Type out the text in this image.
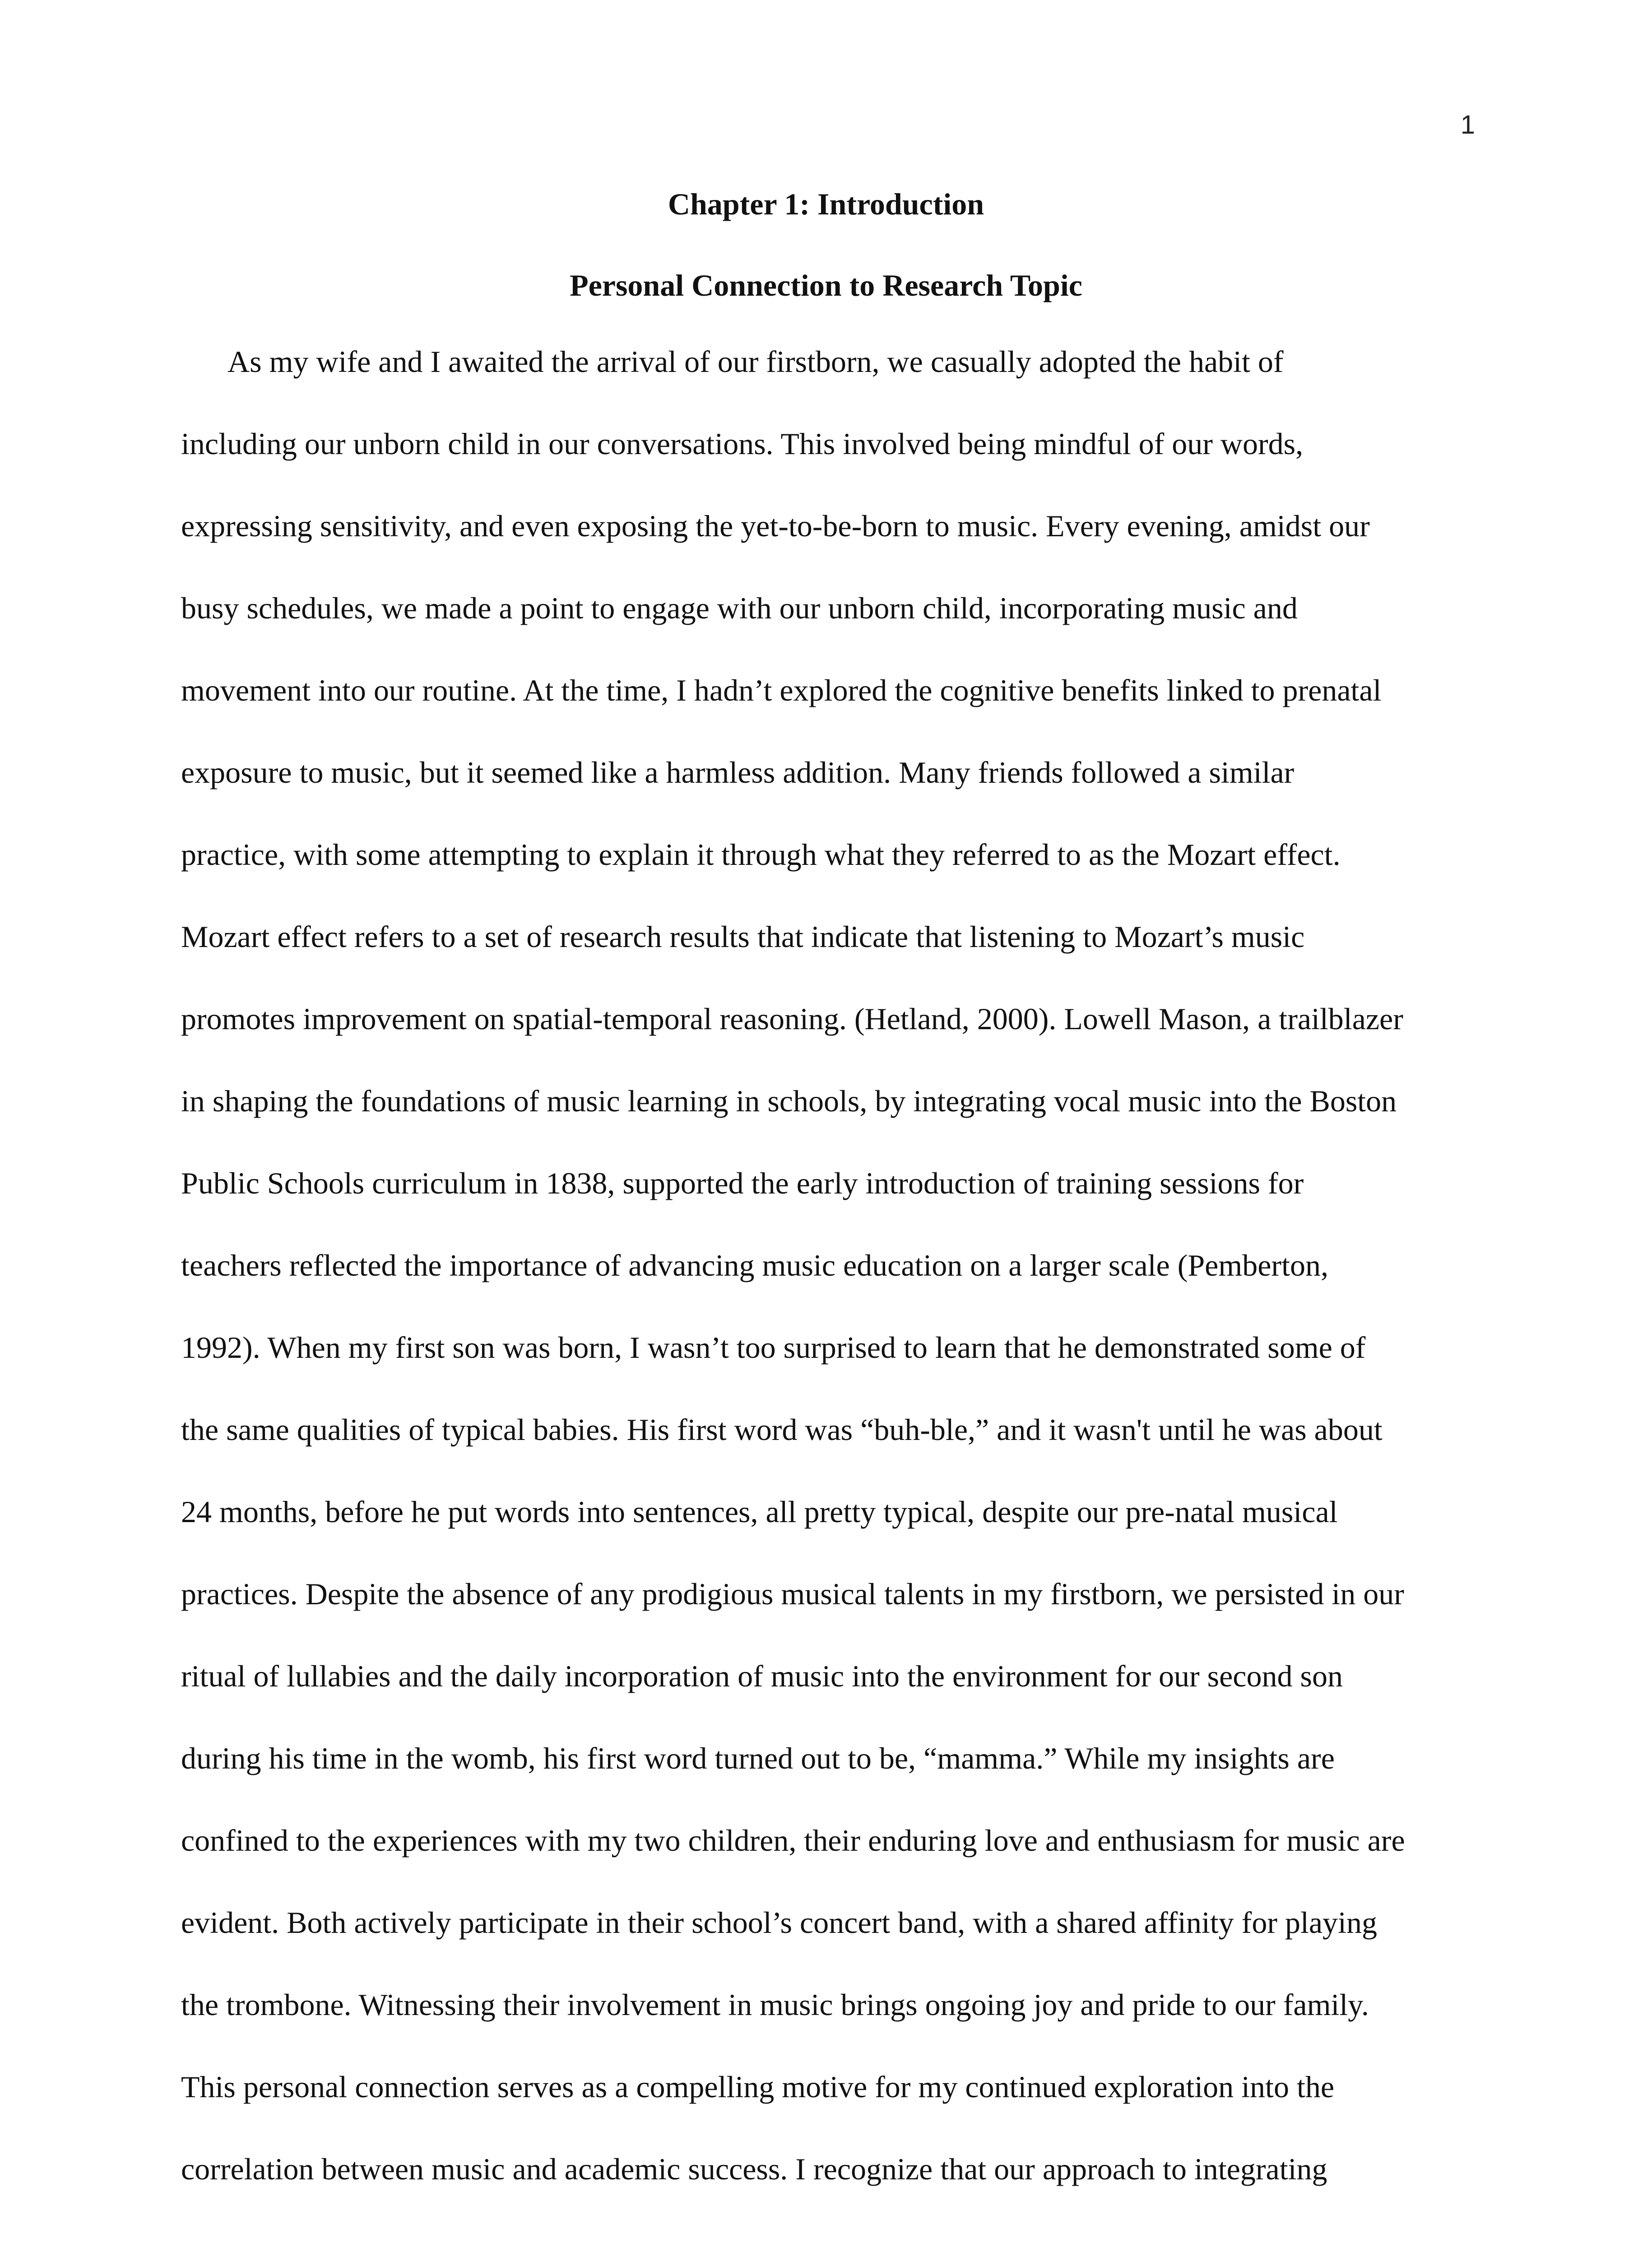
1
Chapter 1: Introduction
Personal Connection to Research Topic
As my wife and I awaited the arrival of our firstborn, we casually adopted the habit of
including our unborn child in our conversations. This involved being mindful of our words,
expressing sensitivity, and even exposing the yet-to-be-born to music. Every evening, amidst our
busy schedules, we made a point to engage with our unborn child, incorporating music and
movement into our routine. At the time, I hadn’t explored the cognitive benefits linked to prenatal
exposure to music, but it seemed like a harmless addition. Many friends followed a similar
practice, with some attempting to explain it through what they referred to as the Mozart effect.
Mozart effect refers to a set of research results that indicate that listening to Mozart’s music
promotes improvement on spatial-temporal reasoning. (Hetland, 2000). Lowell Mason, a trailblazer
in shaping the foundations of music learning in schools, by integrating vocal music into the Boston
Public Schools curriculum in 1838, supported the early introduction of training sessions for
teachers reflected the importance of advancing music education on a larger scale (Pemberton,
1992). When my first son was born, I wasn’t too surprised to learn that he demonstrated some of
the same qualities of typical babies. His first word was “buh-ble,” and it wasn't until he was about
24 months, before he put words into sentences, all pretty typical, despite our pre-natal musical
practices. Despite the absence of any prodigious musical talents in my firstborn, we persisted in our
ritual of lullabies and the daily incorporation of music into the environment for our second son
during his time in the womb, his first word turned out to be, “mamma.” While my insights are
confined to the experiences with my two children, their enduring love and enthusiasm for music are
evident. Both actively participate in their school’s concert band, with a shared affinity for playing
the trombone. Witnessing their involvement in music brings ongoing joy and pride to our family.
This personal connection serves as a compelling motive for my continued exploration into the
correlation between music and academic success. I recognize that our approach to integrating
